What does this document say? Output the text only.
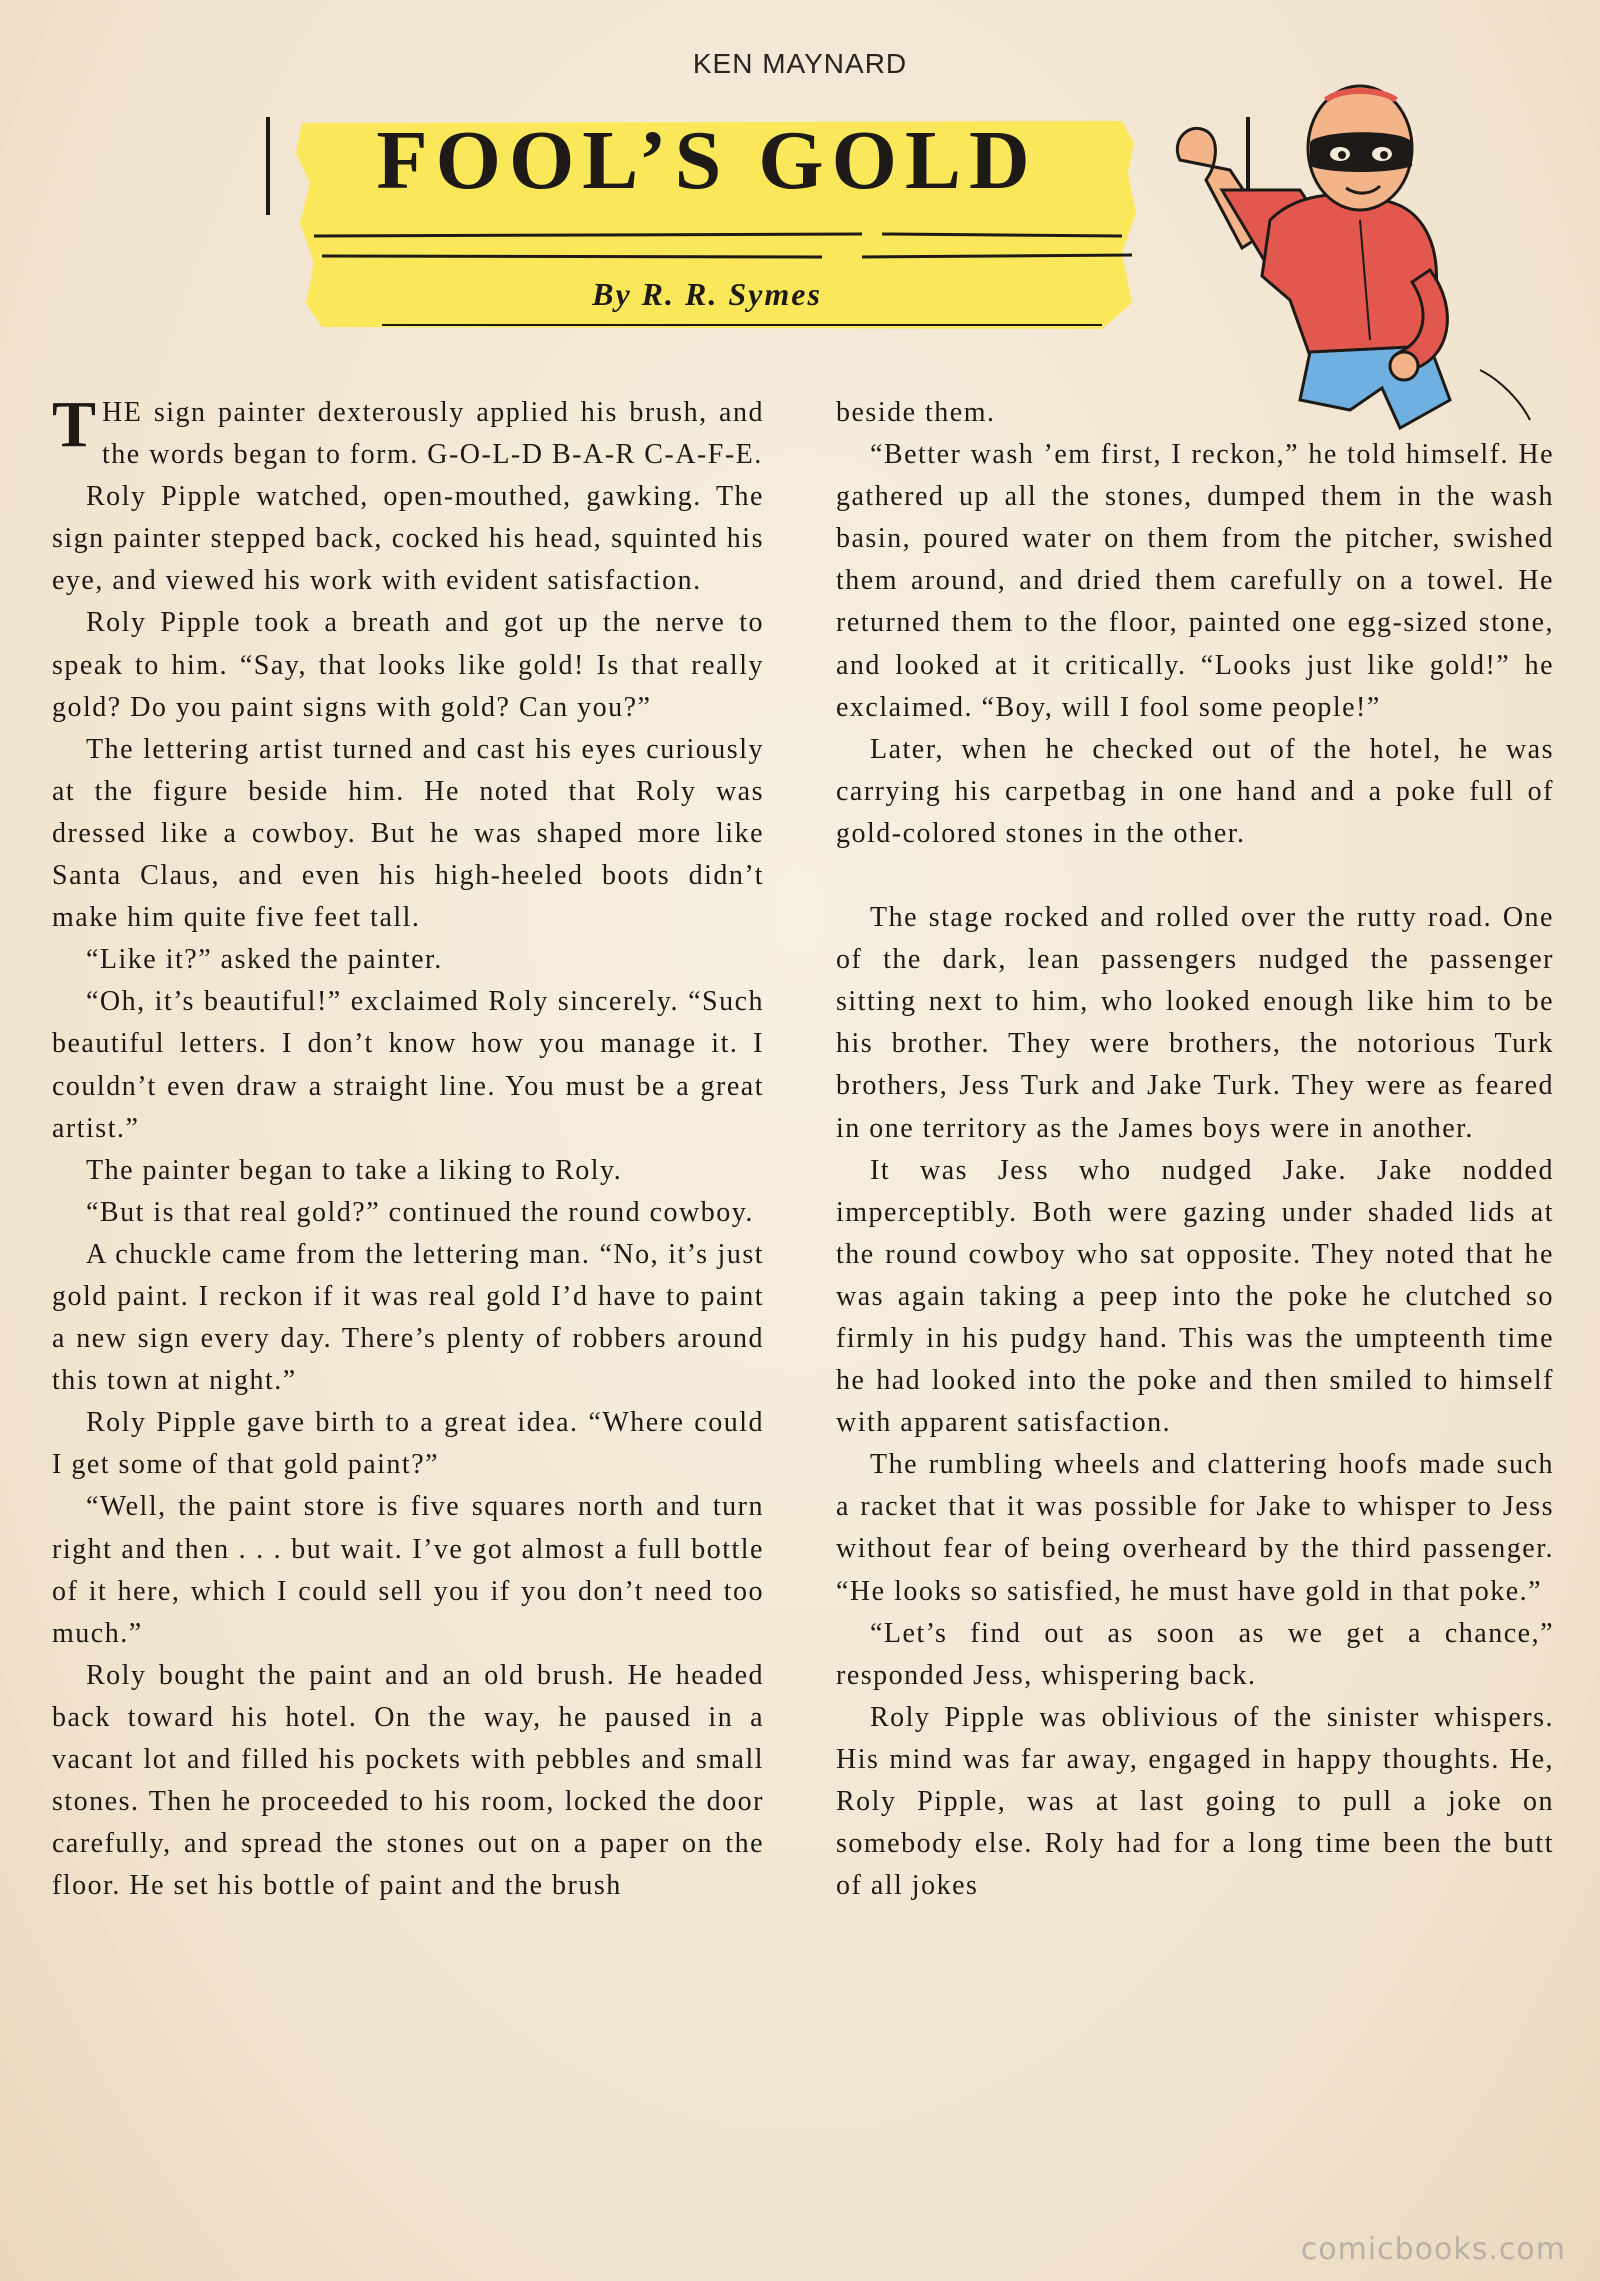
KEN MAYNARD
FOOL’S GOLD
By R. R. Symes

THE sign painter dexterously applied his brush, and the words began to form. G-O-L-D B-A-R C-A-F-E.

Roly Pipple watched, open-mouthed, gawking. The sign painter stepped back, cocked his head, squinted his eye, and viewed his work with evident satisfaction.

Roly Pipple took a breath and got up the nerve to speak to him. “Say, that looks like gold! Is that really gold? Do you paint signs with gold? Can you?”

The lettering artist turned and cast his eyes curiously at the figure beside him. He noted that Roly was dressed like a cowboy. But he was shaped more like Santa Claus, and even his high-heeled boots didn’t make him quite five feet tall.

“Like it?” asked the painter.

“Oh, it’s beautiful!” exclaimed Roly sincerely. “Such beautiful letters. I don’t know how you manage it. I couldn’t even draw a straight line. You must be a great artist.”

The painter began to take a liking to Roly.

“But is that real gold?” continued the round cowboy.

A chuckle came from the lettering man. “No, it’s just gold paint. I reckon if it was real gold I’d have to paint a new sign every day. There’s plenty of robbers around this town at night.”

Roly Pipple gave birth to a great idea. “Where could I get some of that gold paint?”

“Well, the paint store is five squares north and turn right and then . . . but wait. I’ve got almost a full bottle of it here, which I could sell you if you don’t need too much.”

Roly bought the paint and an old brush. He headed back toward his hotel. On the way, he paused in a vacant lot and filled his pockets with pebbles and small stones. Then he proceeded to his room, locked the door carefully, and spread the stones out on a paper on the floor. He set his bottle of paint and the brush

beside them.

“Better wash ’em first, I reckon,” he told himself. He gathered up all the stones, dumped them in the wash basin, poured water on them from the pitcher, swished them around, and dried them carefully on a towel. He returned them to the floor, painted one egg-sized stone, and looked at it critically. “Looks just like gold!” he exclaimed. “Boy, will I fool some people!”

Later, when he checked out of the hotel, he was carrying his carpetbag in one hand and a poke full of gold-colored stones in the other.

The stage rocked and rolled over the rutty road. One of the dark, lean passengers nudged the passenger sitting next to him, who looked enough like him to be his brother. They were brothers, the notorious Turk brothers, Jess Turk and Jake Turk. They were as feared in one territory as the James boys were in another.

It was Jess who nudged Jake. Jake nodded imperceptibly. Both were gazing under shaded lids at the round cowboy who sat opposite. They noted that he was again taking a peep into the poke he clutched so firmly in his pudgy hand. This was the umpteenth time he had looked into the poke and then smiled to himself with apparent satisfaction.

The rumbling wheels and clattering hoofs made such a racket that it was possible for Jake to whisper to Jess without fear of being overheard by the third passenger. “He looks so satisfied, he must have gold in that poke.”

“Let’s find out as soon as we get a chance,” responded Jess, whispering back.

Roly Pipple was oblivious of the sinister whispers. His mind was far away, engaged in happy thoughts. He, Roly Pipple, was at last going to pull a joke on somebody else. Roly had for a long time been the butt of all jokes

comicbooks.com
